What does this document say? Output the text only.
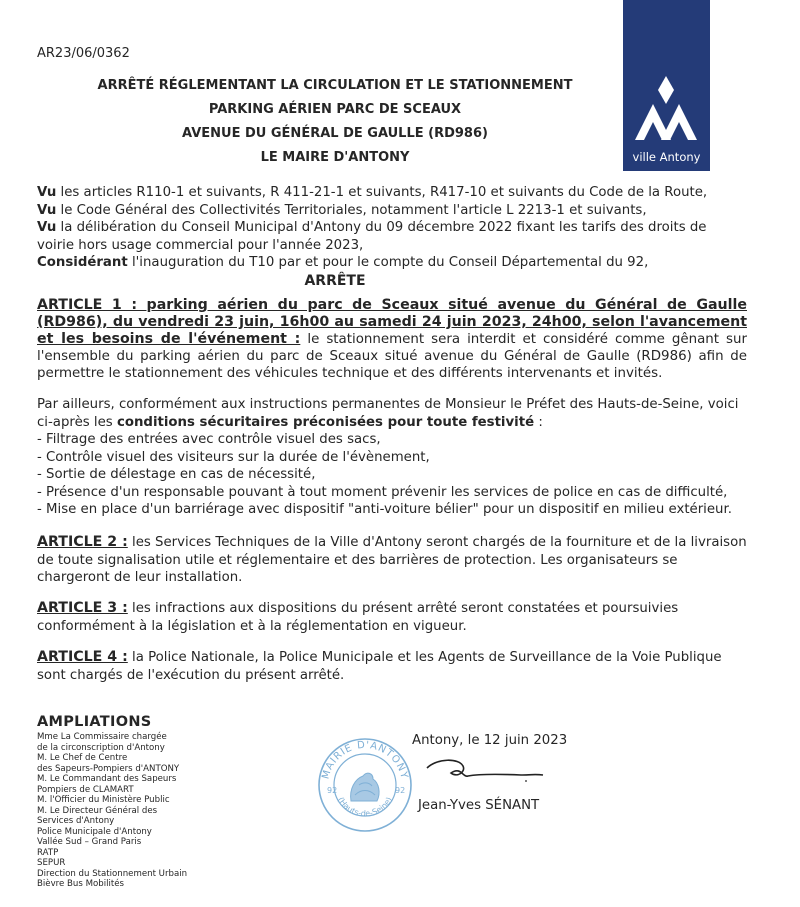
AR23/06/0362
ARRÊTÉ RÉGLEMENTANT LA CIRCULATION ET LE STATIONNEMENT
PARKING AÉRIEN PARC DE SCEAUX
AVENUE DU GÉNÉRAL DE GAULLE (RD986)
LE MAIRE D'ANTONY	ville Antony

Vu les articles R110-1 et suivants, R 411-21-1 et suivants, R417-10 et suivants du Code de la Route,

Vu le Code Général des Collectivités Territoriales, notamment l'article L 2213-1 et suivants,

Vu la délibération du Conseil Municipal d'Antony du 09 décembre 2022 fixant les tarifs des droits de voirie hors usage commercial pour l'année 2023,

Considérant l'inauguration du T10 par et pour le compte du Conseil Départemental du 92,

ARRÊTE
ARTICLE 1 : parking aérien du parc de Sceaux situé avenue du Général de Gaulle (RD986), du vendredi 23 juin, 16h00 au samedi 24 juin 2023, 24h00, selon l'avancement et les besoins de l'événement : le stationnement sera interdit et considéré comme gênant sur l'ensemble du parking aérien du parc de Sceaux situé avenue du Général de Gaulle (RD986) afin de permettre le stationnement des véhicules technique et des différents intervenants et invités.
Par ailleurs, conformément aux instructions permanentes de Monsieur le Préfet des Hauts-de-Seine, voici ci-après les conditions sécuritaires préconisées pour toute festivité :
- Filtrage des entrées avec contrôle visuel des sacs,
- Contrôle visuel des visiteurs sur la durée de l'évènement,
- Sortie de délestage en cas de nécessité,
- Présence d'un responsable pouvant à tout moment prévenir les services de police en cas de difficulté,
- Mise en place d'un barriérage avec dispositif "anti-voiture bélier" pour un dispositif en milieu extérieur.
ARTICLE 2 : les Services Techniques de la Ville d'Antony seront chargés de la fourniture et de la livraison de toute signalisation utile et réglementaire et des barrières de protection. Les organisateurs se chargeront de leur installation.
ARTICLE 3 : les infractions aux dispositions du présent arrêté seront constatées et poursuivies conformément à la législation et à la réglementation en vigueur.
ARTICLE 4 : la Police Nationale, la Police Municipale et les Agents de Surveillance de la Voie Publique sont chargés de l'exécution du présent arrêté.
AMPLIATIONS
Mme La Commissaire chargée
de la circonscription d'Antony
M. Le Chef de Centre
des Sapeurs-Pompiers d'ANTONY
M. Le Commandant des Sapeurs
Pompiers de CLAMART
M. l'Officier du Ministère Public
M. Le Directeur Général des
Services d'Antony
Police Municipale d'Antony
Vallée Sud – Grand Paris
RATP
SEPUR
Direction du Stationnement Urbain
Bièvre Bus Mobilités
MAIRIE D'ANTONY
(Hauts-de-Seine)
92	92
Antony, le 12 juin 2023
Jean-Yves SÉNANT
